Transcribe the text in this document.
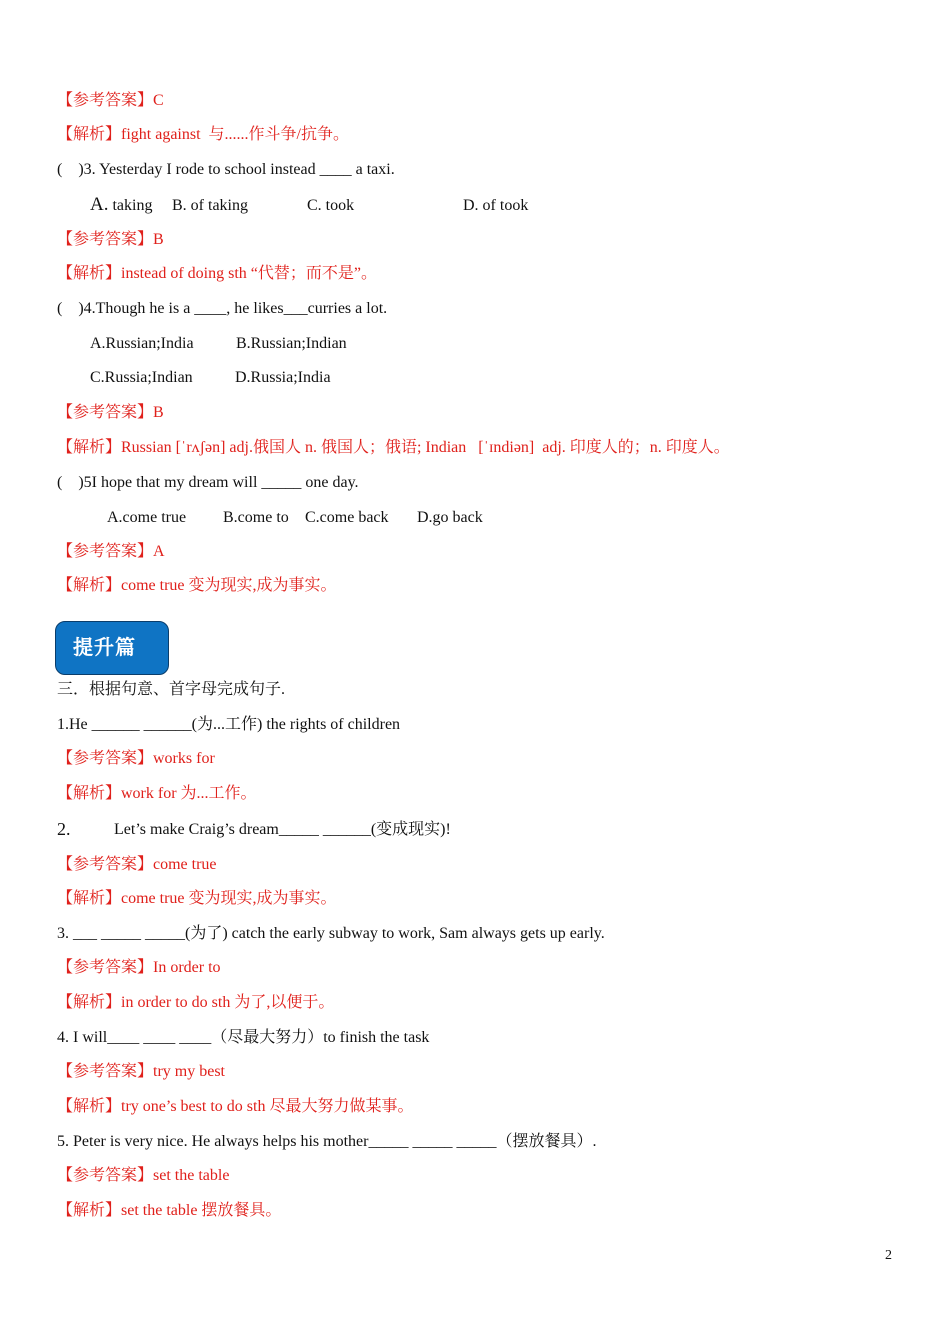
【参考答案】C
【解析】fight against  与......作斗争/抗争。
(    )3. Yesterday I rode to school instead ____ a taxi.
A. taking B. of taking	C. took	D. of took
【参考答案】B
【解析】instead of doing sth “代替；而不是”。
(    )4.Though he is a ____, he likes___curries a lot.
A.Russian;India	B.Russian;Indian
C.Russia;Indian	D.Russia;India
【参考答案】B
【解析】Russian [ˈrʌʃən] adj.俄国人 n. 俄国人；俄语; Indian   [ˈɪndiən]  adj. 印度人的；n. 印度人。
(    )5I hope that my dream will _____ one day.
A.come true B.come to C.come back D.go back
【参考答案】A
【解析】come true 变为现实,成为事实。
提升篇
三．根据句意、首字母完成句子.
1.He ______ ______(为...工作) the rights of children
【参考答案】works for
【解析】work for 为...工作。
2.	Let’s make Craig’s dream_____ ______(变成现实)!
【参考答案】come true
【解析】come true 变为现实,成为事实。
3. ___ _____ _____(为了) catch the early subway to work, Sam always gets up early.
【参考答案】In order to
【解析】in order to do sth 为了,以便于。
4. I will____ ____ ____（尽最大努力）to finish the task
【参考答案】try my best
【解析】try one’s best to do sth 尽最大努力做某事。
5. Peter is very nice. He always helps his mother_____ _____ _____（摆放餐具）.
【参考答案】set the table
【解析】set the table 摆放餐具。
2
